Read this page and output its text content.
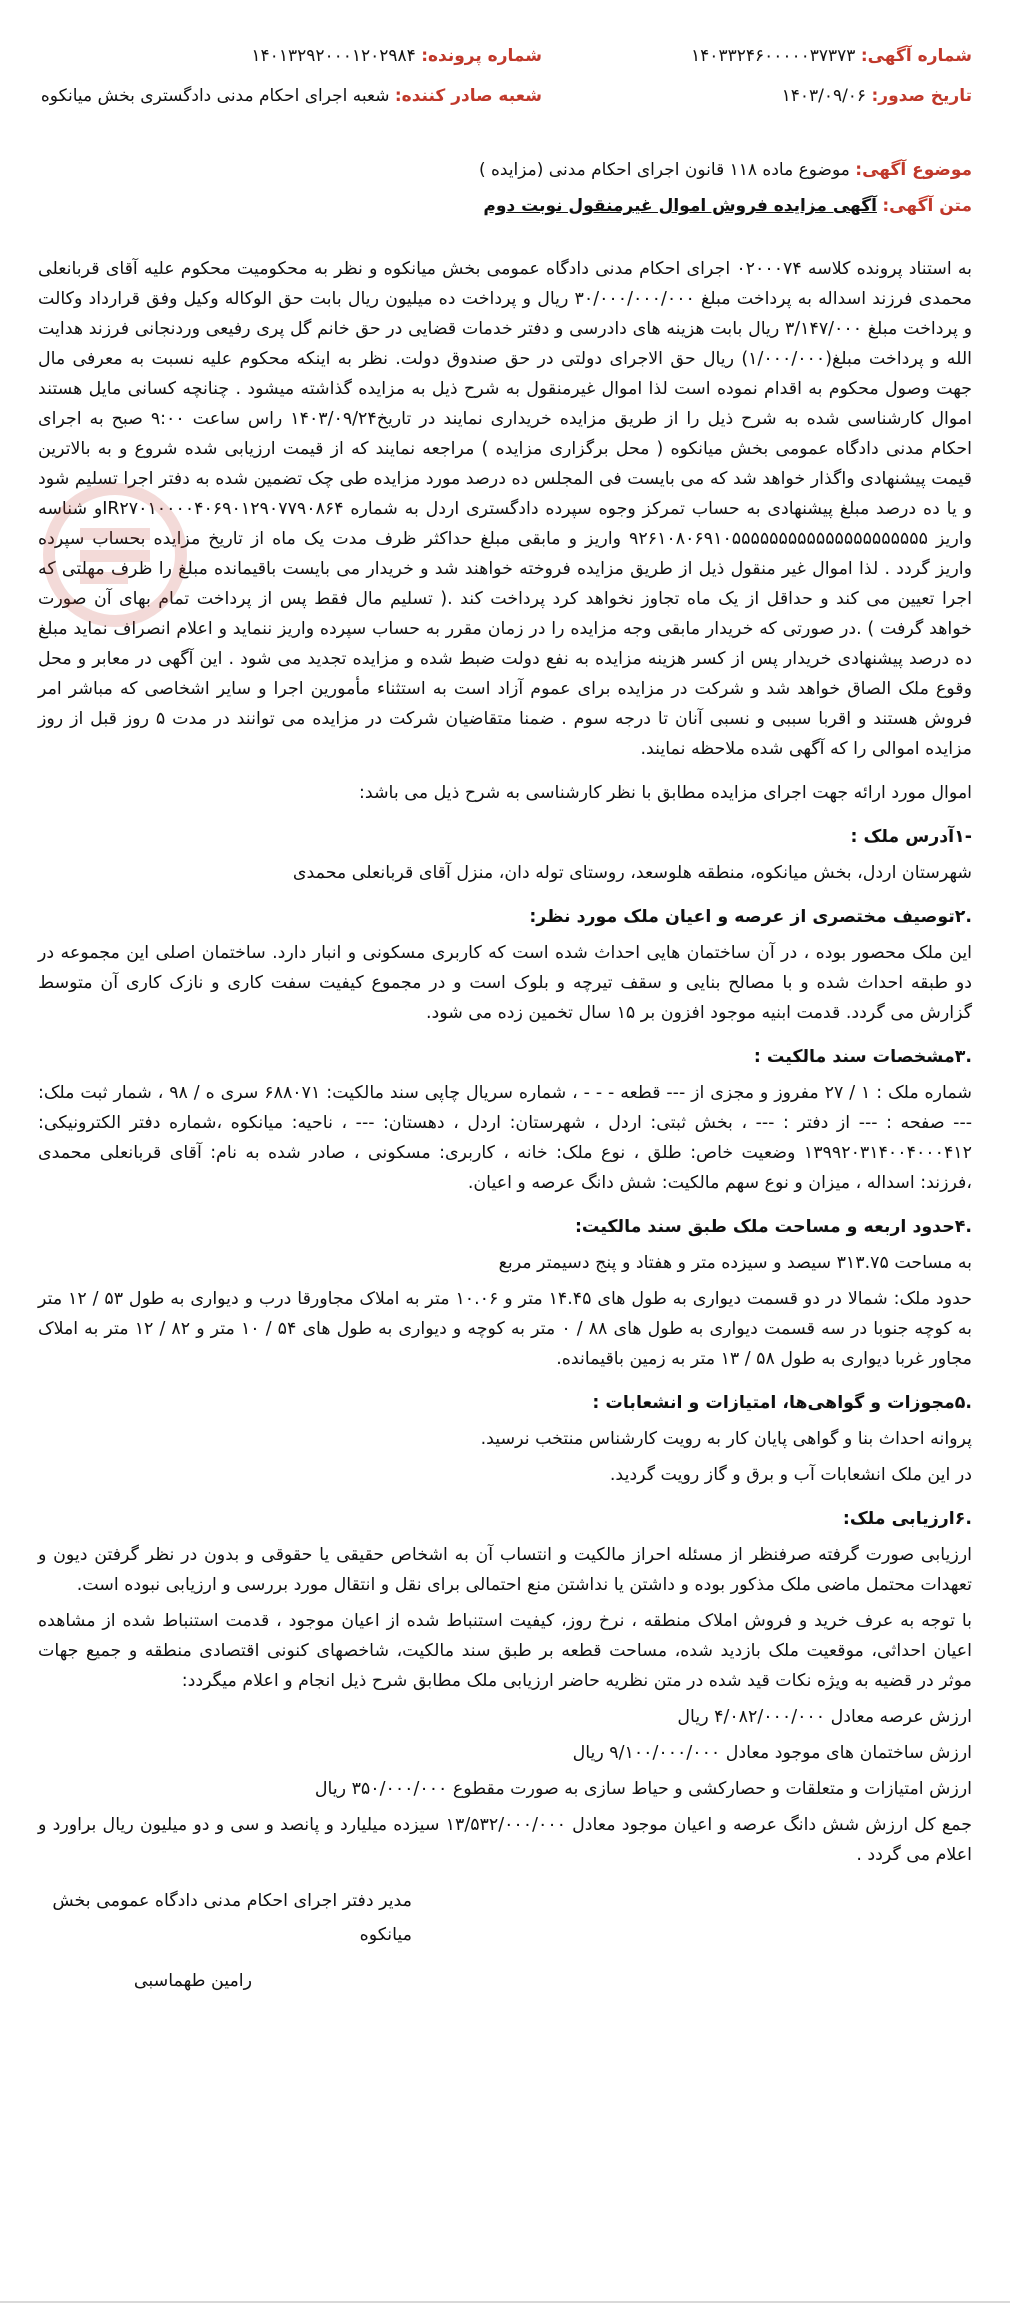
شماره آگهی: ۱۴۰۳۳۲۴۶۰۰۰۰۰۳۷۳۷۳
شماره پرونده: ۱۴۰۱۳۲۹۲۰۰۰۱۲۰۲۹۸۴
تاریخ صدور: ۱۴۰۳/۰۹/۰۶
شعبه صادر کننده: شعبه اجرای احکام مدنی دادگستری بخش میانکوه
موضوع آگهی: موضوع ماده ۱۱۸ قانون اجرای احکام مدنی (مزایده )
متن آگهی: آگهی مزایده فروش اموال غیرمنقول نوبت دوم

به استناد پرونده کلاسه ۰۲۰۰۰۷۴ اجرای احکام مدنی دادگاه عمومی بخش میانکوه و نظر به محکومیت محکوم علیه آقای قربانعلی محمدی فرزند اسداله به پرداخت مبلغ ۳۰/۰۰۰/۰۰۰/۰۰۰ ریال و پرداخت ده میلیون ریال بابت حق الوکاله وکیل وفق قرارداد وکالت و پرداخت مبلغ ۳/۱۴۷/۰۰۰ ریال بابت هزینه های دادرسی و دفتر خدمات قضایی در حق خانم گل پری رفیعی وردنجانی فرزند هدایت الله و پرداخت مبلغ(۱/۰۰۰/۰۰۰) ریال حق الاجرای دولتی در حق صندوق دولت. نظر به اینکه محکوم علیه نسبت به معرفی مال جهت وصول محکوم به اقدام نموده است لذا اموال غیرمنقول به شرح ذیل به مزایده گذاشته میشود . چنانچه کسانی مایل هستند اموال کارشناسی شده به شرح ذیل را از طریق مزایده خریداری نمایند در تاریخ۱۴۰۳/۰۹/۲۴ راس ساعت ۹:۰۰ صبح به اجرای احکام مدنی دادگاه عمومی بخش میانکوه ( محل برگزاری مزایده ) مراجعه نمایند که از قیمت ارزیابی شده شروع و به بالاترین قیمت پیشنهادی واگذار خواهد شد که می بایست فی المجلس ده درصد مورد مزایده طی چک تضمین شده به دفتر اجرا تسلیم شود و یا ده درصد مبلغ پیشنهادی به حساب تمرکز وجوه سپرده دادگستری اردل به شماره IR۲۷۰۱۰۰۰۰۴۰۶۹۰۱۲۹۰۷۷۹۰۸۶۴و شناسه واریز ۹۲۶۱۰۸۰۶۹۱۰۵۵۵۵۵۵۵۵۵۵۵۵۵۵۵۵۵۵۵۵۵ واریز و مابقی مبلغ حداکثر ظرف مدت یک ماه از تاریخ مزایده بحساب سپرده واریز گردد . لذا اموال غیر منقول ذیل از طریق مزایده فروخته خواهند شد و خریدار می بایست باقیمانده مبلغ را ظرف مهلتی که اجرا تعیین می کند و حداقل از یک ماه تجاوز نخواهد کرد پرداخت کند .( تسلیم مال فقط پس از پرداخت تمام بهای آن صورت خواهد گرفت ) .در صورتی که خریدار مابقی وجه مزایده را در زمان مقرر به حساب سپرده واریز ننماید و اعلام انصراف نماید مبلغ ده درصد پیشنهادی خریدار پس از کسر هزینه مزایده به نفع دولت ضبط شده و مزایده تجدید می شود . این آگهی در معابر و محل وقوع ملک الصاق خواهد شد و شرکت در مزایده برای عموم آزاد است به استثناء مأمورین اجرا و سایر اشخاصی که مباشر امر فروش هستند و اقربا سببی و نسبی آنان تا درجه سوم . ضمنا متقاضیان شرکت در مزایده می توانند در مدت ۵ روز قبل از روز مزایده اموالی را که آگهی شده ملاحظه نمایند.

اموال مورد ارائه جهت اجرای مزایده مطابق با نظر کارشناسی به شرح ذیل می باشد:

-۱آدرس ملک :

شهرستان اردل، بخش میانکوه، منطقه هلوسعد، روستای توله دان، منزل آقای قربانعلی محمدی

.۲توصیف مختصری از عرصه و اعیان ملک مورد نظر:

این ملک محصور بوده ، در آن ساختمان هایی احداث شده است که کاربری مسکونی و انبار دارد. ساختمان اصلی این مجموعه در دو طبقه احداث شده و با مصالح بنایی و سقف تیرچه و بلوک است و در مجموع کیفیت سفت کاری و نازک کاری آن متوسط گزارش می گردد. قدمت ابنیه موجود افزون بر ۱۵ سال تخمین زده می شود.

.۳مشخصات سند مالکیت :

شماره ملک : ۱ / ۲۷ مفروز و مجزی از --- قطعه - - - ، شماره سریال چاپی سند مالکیت: ۶۸۸۰۷۱ سری ه / ۹۸ ، شمار ثبت ملک: --- صفحه : --- از دفتر : --- ، بخش ثبتی: اردل ، شهرستان: اردل ، دهستان: --- ، ناحیه: میانکوه ،شماره دفتر الکترونیکی: ۱۳۹۹۲۰۳۱۴۰۰۴۰۰۰۴۱۲ وضعیت خاص: طلق ، نوع ملک: خانه ، کاربری: مسکونی ، صادر شده به نام: آقای قربانعلی محمدی ،فرزند: اسداله ، میزان و نوع سهم مالکیت: شش دانگ عرصه و اعیان.

.۴حدود اربعه و مساحت ملک طبق سند مالکیت:

به مساحت ۳۱۳.۷۵ سیصد و سیزده متر و هفتاد و پنج دسیمتر مربع

حدود ملک: شمالا در دو قسمت دیواری به طول های ۱۴.۴۵ متر و ۱۰.۰۶ متر به املاک مجاورقا درب و دیواری به طول ۵۳ / ۱۲ متر به کوچه جنوبا در سه قسمت دیواری به طول های ۸۸ / ۰ متر به کوچه و دیواری به طول های ۵۴ / ۱۰ متر و ۸۲ / ۱۲ متر به املاک مجاور غربا دیواری به طول ۵۸ / ۱۳ متر به زمین باقیمانده.

.۵مجوزات و گواهی‌ها، امتیازات و انشعابات :

پروانه احداث بنا و گواهی پایان کار به رویت کارشناس منتخب نرسید.

در این ملک انشعابات آب و برق و گاز رویت گردید.

.۶ارزیابی ملک:

ارزیابی صورت گرفته صرفنظر از مسئله احراز مالکیت و انتساب آن به اشخاص حقیقی یا حقوقی و بدون در نظر گرفتن دیون و تعهدات محتمل ماضی ملک مذکور بوده و داشتن یا نداشتن منع احتمالی برای نقل و انتقال مورد بررسی و ارزیابی نبوده است.

با توجه به عرف خرید و فروش املاک منطقه ، نرخ روز، کیفیت استنباط شده از اعیان موجود ، قدمت استنباط شده از مشاهده اعیان احداثی، موقعیت ملک بازدید شده، مساحت قطعه بر طبق سند مالکیت، شاخصهای کنونی اقتصادی منطقه و جمیع جهات موثر در قضیه به ویژه نکات قید شده در متن نظریه حاضر ارزیابی ملک مطابق شرح ذیل انجام و اعلام میگردد:

ارزش عرصه معادل ۴/۰۸۲/۰۰۰/۰۰۰ ریال

ارزش ساختمان های موجود معادل ۹/۱۰۰/۰۰۰/۰۰۰ ریال

ارزش امتیازات و متعلقات و حصارکشی و حیاط سازی به صورت مقطوع ۳۵۰/۰۰۰/۰۰۰ ریال

جمع کل ارزش شش دانگ عرصه و اعیان موجود معادل ۱۳/۵۳۲/۰۰۰/۰۰۰ سیزده میلیارد و پانصد و سی و دو میلیون ریال براورد و اعلام می گردد .

مدیر دفتر اجرای احکام مدنی دادگاه عمومی بخش میانکوه
رامین طهماسبی
